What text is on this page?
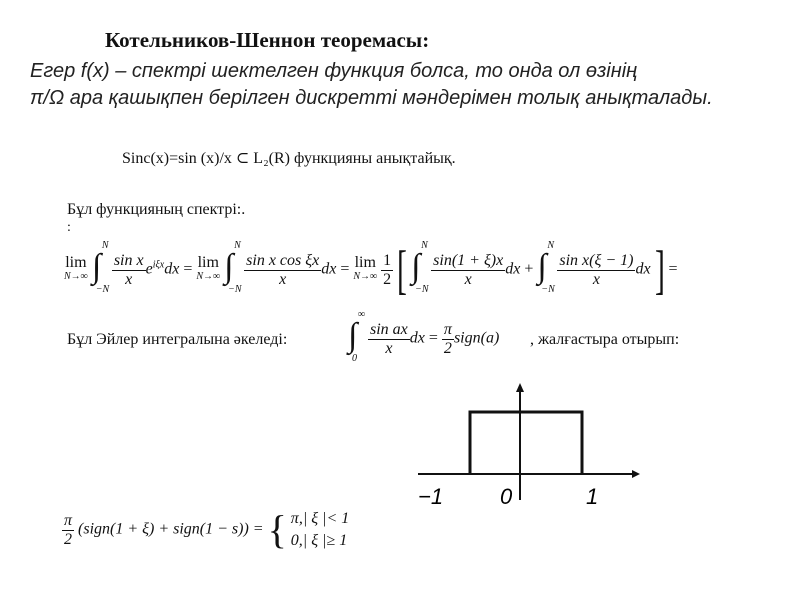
Котельников-Шеннон теоремасы:
Егер f(x) – спектрі шектелген функция болса, то онда ол өзінің
π/Ω ара қашықпен берілген дискретті мәндерімен толық анықталады.
Sinc(x)=sin (x)/x ⊂ L₂(R) функцияны анықтайық.
Бұл функцияның спектрі:.
:
lim
N→∞
∫
N
−N

$\frac{\text{sin x}}{x} e^{i\xi x}dx = \lim$
N→∞
∫
N
−N

$\frac{\text{sin x cos ξx}}{x}$ dx = lim
N→∞
$\frac{1}{2}$ [ ∫
N
−N

$\frac{\sin(1 + \xi)x}{x}$ dx + ∫
N
−N

$\frac{\text{sin x(ξ − 1)}}{x} dx$] =
Бұл Эйлер интегралына әкеледі: ∫
∞
0

$\frac{\text{sin ax}}{x}$ dx = $\frac{\pi}{2}$ sign(a) , жалғастыра отырып:
−1	0	1
$\frac{\pi}{2}$ (sign(1 + ξ) + sign(1 − s)) = { π,| ξ |< 1
0,| ξ |≥ 1
